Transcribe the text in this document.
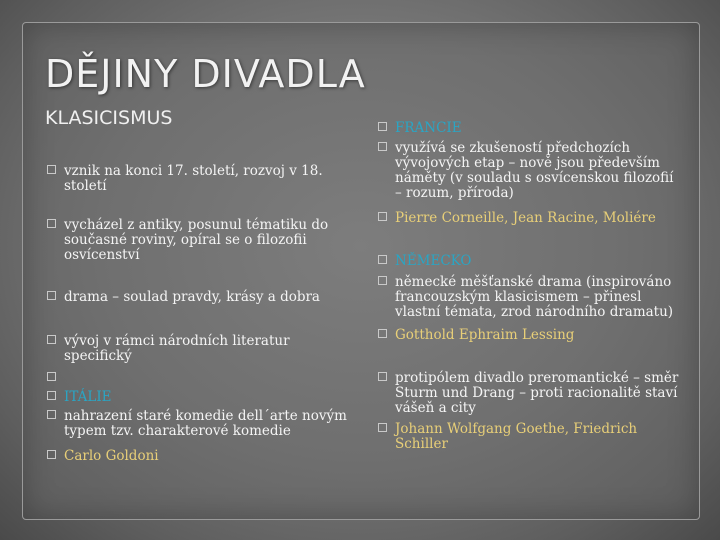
DĚJINY DIVADLA
KLASICISMUS
vznik na konci 17. století, rozvoj v 18. století
vycházel z antiky, posunul tématiku do současné roviny, opíral se o filozofii osvícenství
drama – soulad pravdy, krásy a dobra
vývoj v rámci národních literatur specifický
ITÁLIE
nahrazení staré komedie dell´arte novým typem tzv. charakterové komedie
Carlo Goldoni
FRANCIE
využívá se zkušeností předchozích vývojových etap – nově jsou především náměty (v souladu s osvícenskou filozofií – rozum, příroda)
Pierre Corneille, Jean Racine, Moliére
NĚMECKO
německé měšťanské drama (inspirováno francouzským klasicismem – přinesl vlastní témata, zrod národního dramatu)
Gotthold Ephraim Lessing
protipólem divadlo preromantické – směr Sturm und Drang – proti racionalitě staví vášeň a city
Johann Wolfgang Goethe, Friedrich Schiller
